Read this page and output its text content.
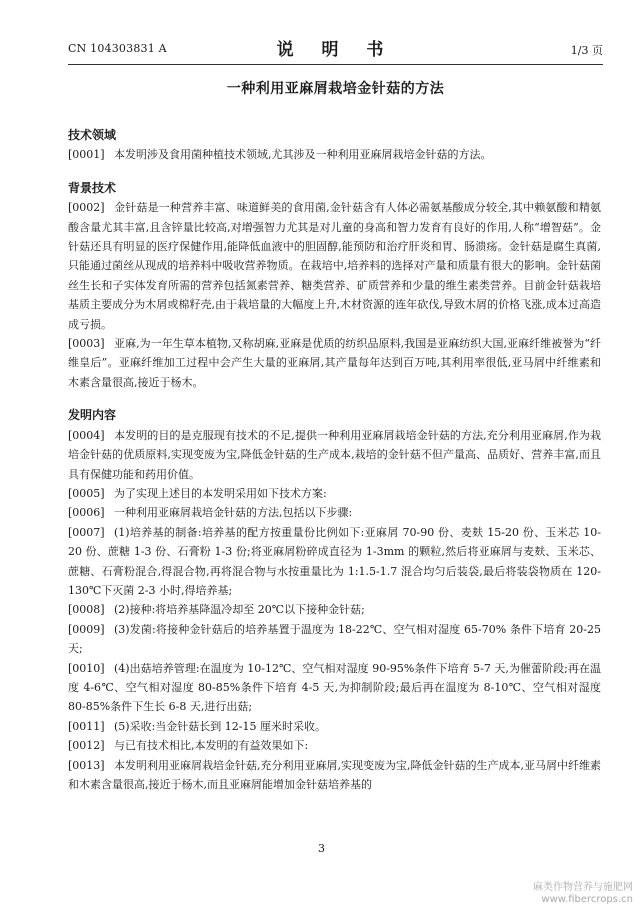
CN 104303831 A	说 明 书	1/3 页
一种利用亚麻屑栽培金针菇的方法

技术领域

[0001] 本发明涉及食用菌种植技术领域,尤其涉及一种利用亚麻屑栽培金针菇的方法。

背景技术

[0002] 金针菇是一种营养丰富、味道鲜美的食用菌,金针菇含有人体必需氨基酸成分较全,其中赖氨酸和精氨酸含量尤其丰富,且含锌量比较高,对增强智力尤其是对儿童的身高和智力发育有良好的作用,人称“增智菇”。金针菇还具有明显的医疗保健作用,能降低血液中的胆固醇,能预防和治疗肝炎和胃、肠溃疡。金针菇是腐生真菌,只能通过菌丝从现成的培养料中吸收营养物质。在栽培中,培养料的选择对产量和质量有很大的影响。金针菇菌丝生长和子实体发育所需的营养包括氮素营养、糖类营养、矿质营养和少量的维生素类营养。目前金针菇栽培基质主要成分为木屑或棉籽壳,由于栽培量的大幅度上升,木材资源的连年砍伐,导致木屑的价格飞涨,成本过高造成亏损。

[0003] 亚麻,为一年生草本植物,又称胡麻,亚麻是优质的纺织品原料,我国是亚麻纺织大国,亚麻纤维被誉为“纤维皇后”。亚麻纤维加工过程中会产生大量的亚麻屑,其产量每年达到百万吨,其利用率很低,亚马屑中纤维素和木素含量很高,接近于杨木。

发明内容

[0004] 本发明的目的是克服现有技术的不足,提供一种利用亚麻屑栽培金针菇的方法,充分利用亚麻屑,作为栽培金针菇的优质原料,实现变废为宝,降低金针菇的生产成本,栽培的金针菇不但产量高、品质好、营养丰富,而且具有保健功能和药用价值。

[0005] 为了实现上述目的本发明采用如下技术方案:

[0006] 一种利用亚麻屑栽培金针菇的方法,包括以下步骤:

[0007] (1)培养基的制备:培养基的配方按重量份比例如下:亚麻屑 70-90 份、麦麸 15-20 份、玉米芯 10-20 份、蔗糖 1-3 份、石膏粉 1-3 份;将亚麻屑粉碎成直径为 1-3mm 的颗粒,然后将亚麻屑与麦麸、玉米芯、蔗糖、石膏粉混合,得混合物,再将混合物与水按重量比为 1:1.5-1.7 混合均匀后装袋,最后将装袋物质在 120-130℃下灭菌 2-3 小时,得培养基;

[0008] (2)接种:将培养基降温冷却至 20℃以下接种金针菇;

[0009] (3)发菌:将接种金针菇后的培养基置于温度为 18-22℃、空气相对湿度 65-70% 条件下培育 20-25 天;

[0010] (4)出菇培养管理:在温度为 10-12℃、空气相对湿度 90-95%条件下培育 5-7 天,为催蕾阶段;再在温度 4-6℃、空气相对湿度 80-85%条件下培育 4-5 天,为抑制阶段;最后再在温度为 8-10℃、空气相对湿度 80-85%条件下生长 6-8 天,进行出菇;

[0011] (5)采收:当金针菇长到 12-15 厘米时采收。

[0012] 与已有技术相比,本发明的有益效果如下:

[0013] 本发明利用亚麻屑栽培金针菇,充分利用亚麻屑,实现变废为宝,降低金针菇的生产成本,亚马屑中纤维素和木素含量很高,接近于杨木,而且亚麻屑能增加金针菇培养基的

3
麻类作物营养与施肥网
www.fibercrops.cn
